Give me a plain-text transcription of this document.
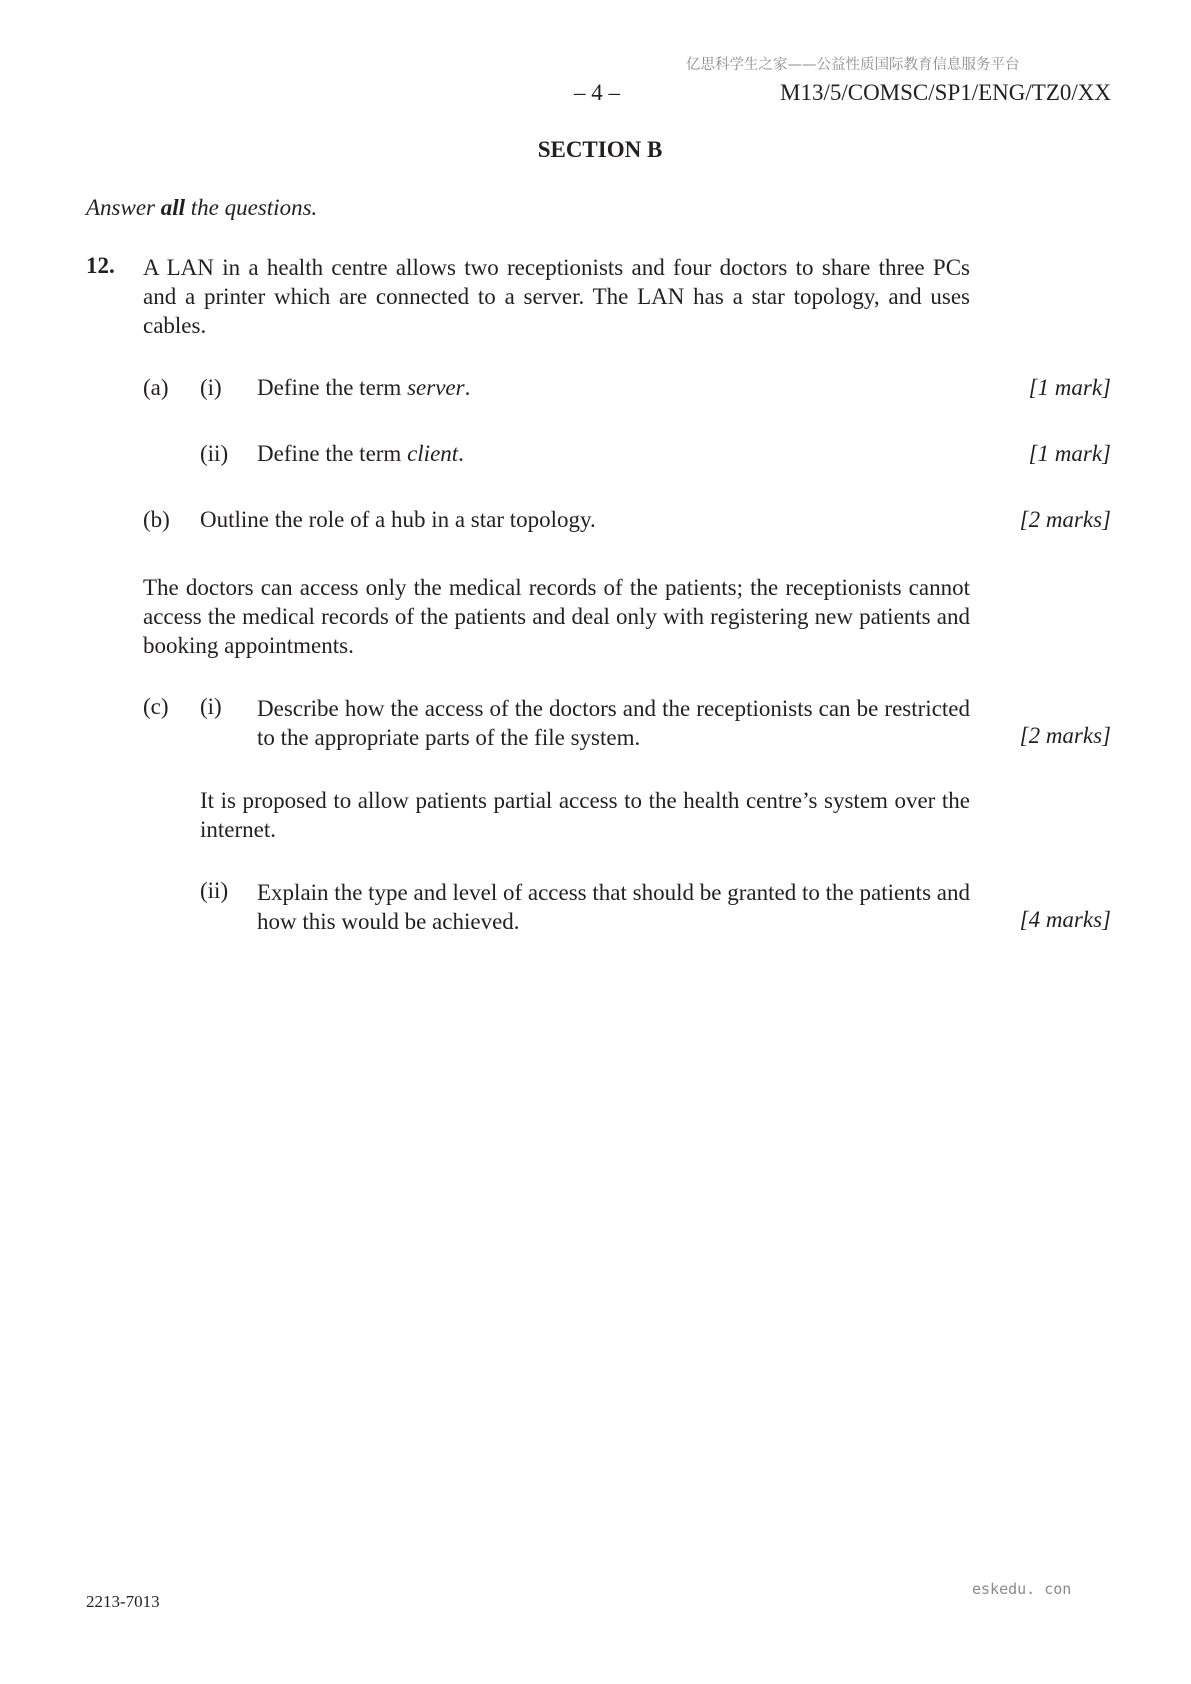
亿思科学生之家——公益性质国际教育信息服务平台
– 4 –	M13/5/COMSC/SP1/ENG/TZ0/XX
SECTION B
Answer all the questions.
12. A LAN in a health centre allows two receptionists and four doctors to share three PCs and a printer which are connected to a server. The LAN has a star topology, and uses cables.
(a) (i) Define the term server.	[1 mark]
(ii) Define the term client.	[1 mark]
(b) Outline the role of a hub in a star topology.	[2 marks]
The doctors can access only the medical records of the patients; the receptionists cannot access the medical records of the patients and deal only with registering new patients and booking appointments.
(c) (i) Describe how the access of the doctors and the receptionists can be restricted to the appropriate parts of the file system.	[2 marks]
It is proposed to allow patients partial access to the health centre’s system over the internet.
(ii) Explain the type and level of access that should be granted to the patients and how this would be achieved.	[4 marks]
eskedu. con
2213-7013
